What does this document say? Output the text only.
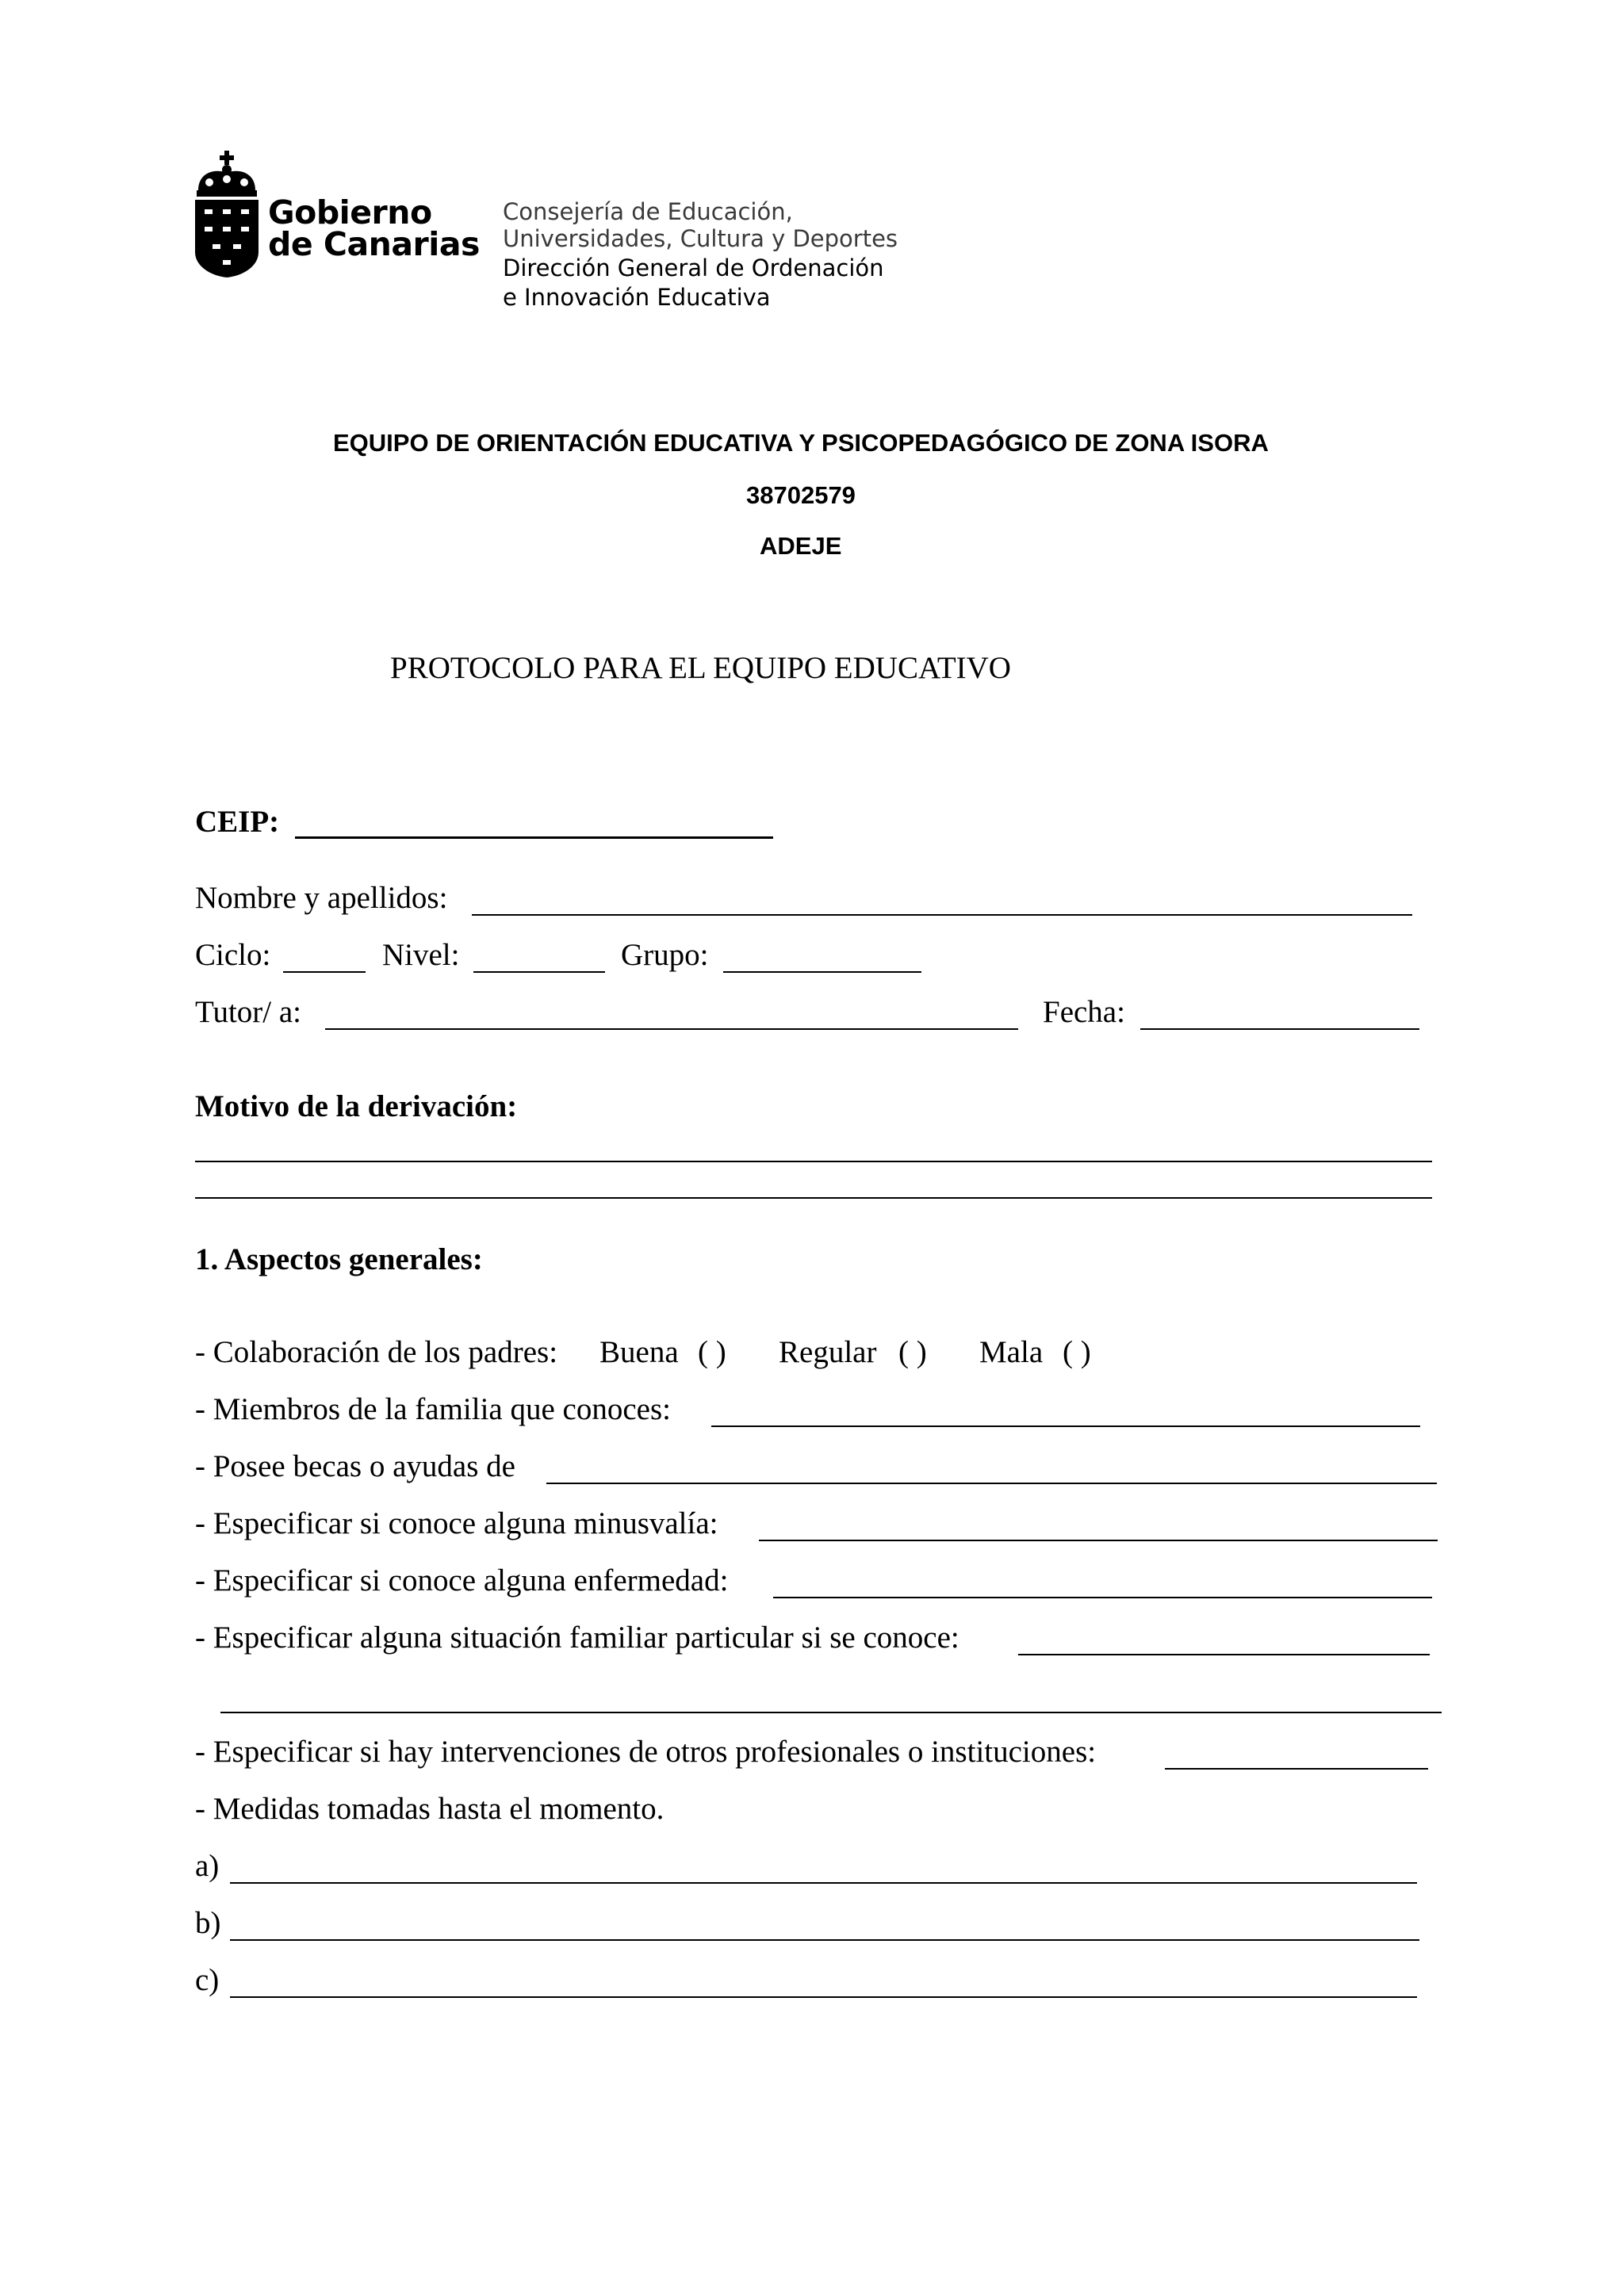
Gobierno
de Canarias
Consejería de Educación,
Universidades, Cultura y Deportes
Dirección General de Ordenación
e Innovación Educativa
EQUIPO DE ORIENTACIÓN EDUCATIVA Y PSICOPEDAGÓGICO DE ZONA ISORA
38702579
ADEJE
PROTOCOLO PARA EL EQUIPO EDUCATIVO
CEIP:
Nombre y apellidos:
Ciclo:	Nivel:	Grupo:
Tutor/ a:	Fecha:
Motivo de la derivación:
1. Aspectos generales:
- Colaboración de los padres: Buena ( ) Regular ( ) Mala ( )
- Miembros de la familia que conoces:
- Posee becas o ayudas de
- Especificar si conoce alguna minusvalía:
- Especificar si conoce alguna enfermedad:
- Especificar alguna situación familiar particular si se conoce:
- Especificar si hay intervenciones de otros profesionales o instituciones:
- Medidas tomadas hasta el momento.
a)
b)
c)
